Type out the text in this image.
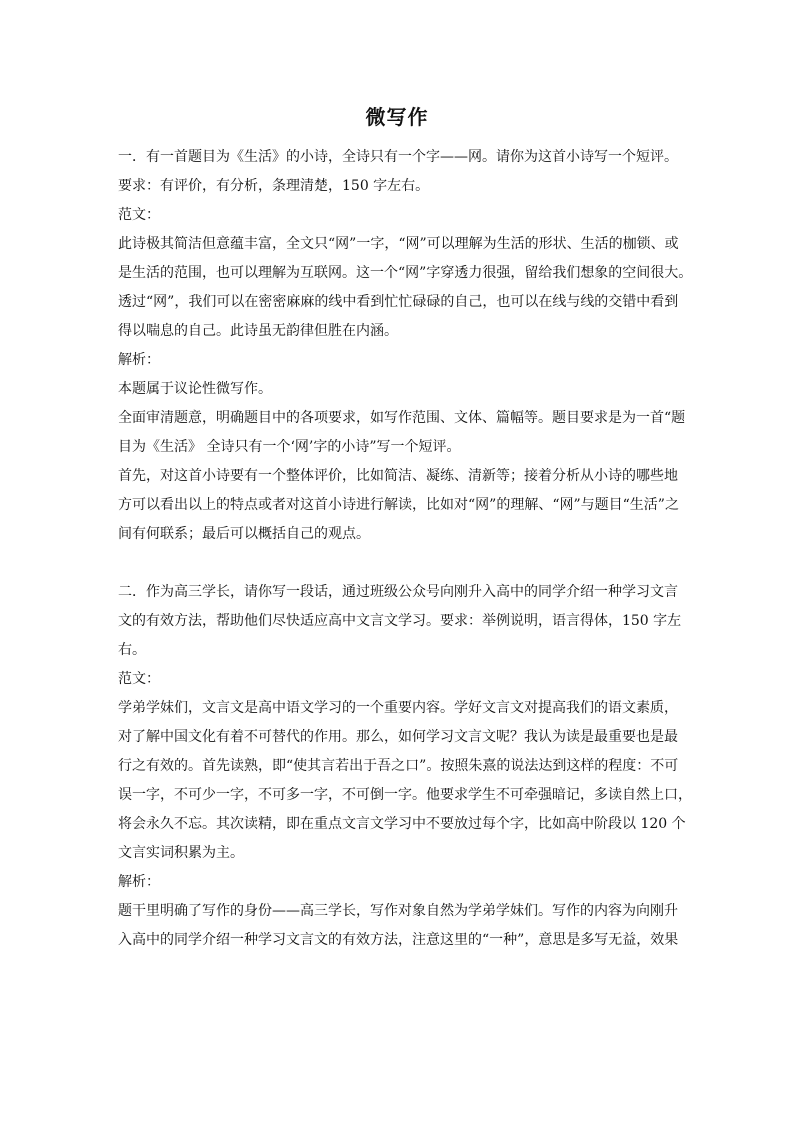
微写作
一．有一首题目为《生活》的小诗，全诗只有一个字——网。请你为这首小诗写一个短评。
要求：有评价，有分析，条理清楚，150 字左右。
范文：
此诗极其简洁但意蕴丰富，全文只“网”一字，“网”可以理解为生活的形状、生活的枷锁、或
是生活的范围，也可以理解为互联网。这一个“网”字穿透力很强，留给我们想象的空间很大。
透过“网”，我们可以在密密麻麻的线中看到忙忙碌碌的自己，也可以在线与线的交错中看到
得以喘息的自己。此诗虽无韵律但胜在内涵。
解析：
本题属于议论性微写作。
全面审清题意，明确题目中的各项要求，如写作范围、文体、篇幅等。题目要求是为一首“题
目为《生活》 全诗只有一个‘网’字的小诗”写一个短评。
首先，对这首小诗要有一个整体评价，比如简洁、凝练、清新等；接着分析从小诗的哪些地
方可以看出以上的特点或者对这首小诗进行解读，比如对“网”的理解、“网”与题目“生活”之
间有何联系；最后可以概括自己的观点。
二．作为高三学长，请你写一段话，通过班级公众号向刚升入高中的同学介绍一种学习文言
文的有效方法，帮助他们尽快适应高中文言文学习。要求：举例说明，语言得体，150 字左
右。
范文：
学弟学妹们，文言文是高中语文学习的一个重要内容。学好文言文对提高我们的语文素质，
对了解中国文化有着不可替代的作用。那么，如何学习文言文呢？我认为读是最重要也是最
行之有效的。首先读熟，即“使其言若出于吾之口”。按照朱熹的说法达到这样的程度：不可
误一字，不可少一字，不可多一字，不可倒一字。他要求学生不可牵强暗记，多读自然上口，
将会永久不忘。其次读精，即在重点文言文学习中不要放过每个字，比如高中阶段以 120 个
文言实词积累为主。
解析：
题干里明确了写作的身份——高三学长，写作对象自然为学弟学妹们。写作的内容为向刚升
入高中的同学介绍一种学习文言文的有效方法，注意这里的“一种”，意思是多写无益，效果
